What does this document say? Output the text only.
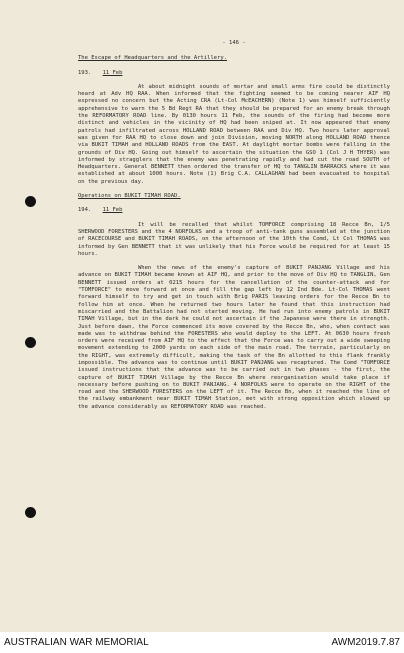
- 146 -

The Escape of Headquarters and the Artillery.

193. 11 Feb

At about midnight sounds of mortar and small arms fire could be distinctly heard at Adv HQ RAA. When informed that the fighting seemed to be coming nearer AIF HQ expressed no concern but the Acting CRA (Lt-Col McEACHERN) (Note 1) was himself sufficiently apprehensive to warn the 5 Bd Regt RA that they should be prepared for an enemy break through the REFORMATORY ROAD line. By 0130 hours 11 Feb, the sounds of the firing had become more distinct and vehicles in the vicinity of HQ had been sniped at. It now appeared that enemy patrols had infiltrated across HOLLAND ROAD between RAA and Div HQ. Two hours later approval was given for RAA HQ to close down and join Division, moving NORTH along HOLLAND ROAD thence via BUKIT TIMAH and HOLLAND ROADS from the EAST. At daylight mortar bombs were falling in the grounds of Div HQ. Going out himself to ascertain the situation the GSO 1 (Col J H THYER) was informed by stragglers that the enemy was penetrating rapidly and had cut the road SOUTH of Headquarters. General BENNETT then ordered the transfer of HQ to TANGLIN BARRACKS where it was established at about 1000 hours. Note (1) Brig C.A. CALLAGHAN had been evacuated to hospital on the previous day.

Operations on BUKIT TIMAH ROAD.

194. 11 Feb

It will be recalled that whilst TOMFORCE comprising 18 Recce Bn, 1/5 SHERWOOD FORESTERS and the 4 NORFOLKS and a troop of anti-tank guns assembled at the junction of RACECOURSE and BUKIT TIMAH ROADS, on the afternoon of the 10th the Comd, Lt Col THOMAS was informed by Gen BENNETT that it was unlikely that his Force would be required for at least 15 hours.

When the news of the enemy's capture of BUKIT PANJANG Village and his advance on BUKIT TIMAH became known at AIF HQ, and prior to the move of Div HQ to TANGLIN, Gen BENNETT issued orders at 0215 hours for the cancellation of the counter-attack and for "TOMFORCE" to move forward at once and fill the gap left by 12 Ind Bde. Lt-Col THOMAS went forward himself to try and get in touch with Brig PARIS leaving orders for the Recce Bn to follow him at once. When he returned two hours later he found that this instruction had miscarried and the Battalion had not started moving. He had run into enemy patrols in BUKIT TIMAH Village, but in the dark he could not ascertain if the Japanese were there in strength. Just before dawn, the Force commenced its move covered by the Recce Bn, who, when contact was made was to withdraw behind the FORESTERS who would deploy to the LEFT. At 0630 hours fresh orders were received from AIF HQ to the effect that the Force was to carry out a wide sweeping movement extending to 2000 yards on each side of the main road. The terrain, particularly on the RIGHT, was extremely difficult, making the task of the Bn allotted to this flank frankly impossible. The advance was to continue until BUKIT PANJANG was recaptured. The Comd "TOMFORCE issued instructions that the advance was to be carried out in two phases - the first, the capture of BUKIT TIMAH Village by the Recce Bn where reorganisation would take place if necessary before pushing on to BUKIT PANJANG. 4 NORFOLKS were to operate on the RIGHT of the road and the SHERWOOD FORESTERS on the LEFT of it. The Recce Bn, when it reached the line of the railway embankment near BUKIT TIMAH Station, met with strong opposition which slowed up the advance considerably as REFORMATORY ROAD was reached.

AUSTRALIAN WAR MEMORIAL	AWM2019.7.87
